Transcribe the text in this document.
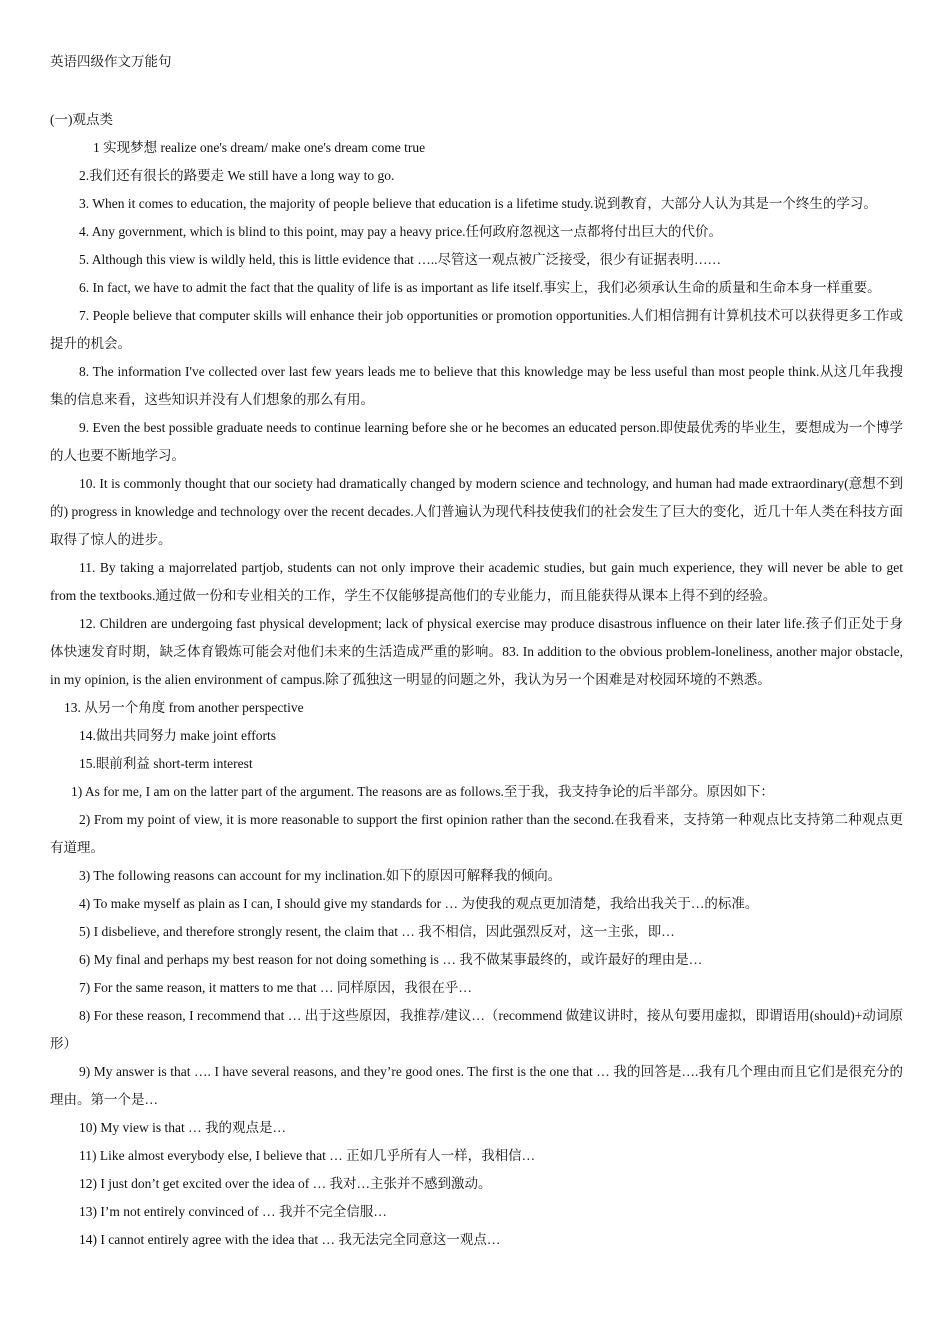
英语四级作文万能句
(一)观点类

1 实现梦想 realize one's dream/ make one's dream come true

2.我们还有很长的路要走 We still have a long way to go.

3. When it comes to education, the majority of people believe that education is a lifetime study.说到教育，大部分人认为其是一个终生的学习。

4. Any government, which is blind to this point, may pay a heavy price.任何政府忽视这一点都将付出巨大的代价。

5. Although this view is wildly held, this is little evidence that …..尽管这一观点被广泛接受，很少有证据表明……

6. In fact, we have to admit the fact that the quality of life is as important as life itself.事实上，我们必须承认生命的质量和生命本身一样重要。

7. People believe that computer skills will enhance their job opportunities or promotion opportunities.人们相信拥有计算机技术可以获得更多工作或提升的机会。

8. The information I've collected over last few years leads me to believe that this knowledge may be less useful than most people think.从这几年我搜集的信息来看，这些知识并没有人们想象的那么有用。

9. Even the best possible graduate needs to continue learning before she or he becomes an educated person.即使最优秀的毕业生，要想成为一个博学的人也要不断地学习。

10. It is commonly thought that our society had dramatically changed by modern science and technology, and human had made extraordinary(意想不到的) progress in knowledge and technology over the recent decades.人们普遍认为现代科技使我们的社会发生了巨大的变化，近几十年人类在科技方面取得了惊人的进步。

11. By taking a majorrelated partjob, students can not only improve their academic studies, but gain much experience, they will never be able to get from the textbooks.通过做一份和专业相关的工作，学生不仅能够提高他们的专业能力，而且能获得从课本上得不到的经验。

12. Children are undergoing fast physical development; lack of physical exercise may produce disastrous influence on their later life.孩子们正处于身体快速发育时期，缺乏体育锻炼可能会对他们未来的生活造成严重的影响。83. In addition to the obvious problem-loneliness, another major obstacle, in my opinion, is the alien environment of campus.除了孤独这一明显的问题之外，我认为另一个困难是对校园环境的不熟悉。

13. 从另一个角度 from another perspective

14.做出共同努力 make joint efforts

15.眼前利益 short-term interest

1) As for me, I am on the latter part of the argument. The reasons are as follows.至于我，我支持争论的后半部分。原因如下：

2) From my point of view, it is more reasonable to support the first opinion rather than the second.在我看来，支持第一种观点比支持第二种观点更有道理。

3) The following reasons can account for my inclination.如下的原因可解释我的倾向。

4) To make myself as plain as I can, I should give my standards for … 为使我的观点更加清楚，我给出我关于…的标准。

5) I disbelieve, and therefore strongly resent, the claim that … 我不相信，因此强烈反对，这一主张，即…

6) My final and perhaps my best reason for not doing something is … 我不做某事最终的，或许最好的理由是…

7) For the same reason, it matters to me that … 同样原因，我很在乎…

8) For these reason, I recommend that … 出于这些原因，我推荐/建议…（recommend 做建议讲时，接从句要用虚拟，即谓语用(should)+动词原形）

9) My answer is that …. I have several reasons, and they’re good ones. The first is the one that … 我的回答是….我有几个理由而且它们是很充分的理由。第一个是…

10) My view is that … 我的观点是…

11) Like almost everybody else, I believe that … 正如几乎所有人一样，我相信…

12) I just don’t get excited over the idea of … 我对…主张并不感到激动。

13) I’m not entirely convinced of … 我并不完全信服…

14) I cannot entirely agree with the idea that … 我无法完全同意这一观点…
